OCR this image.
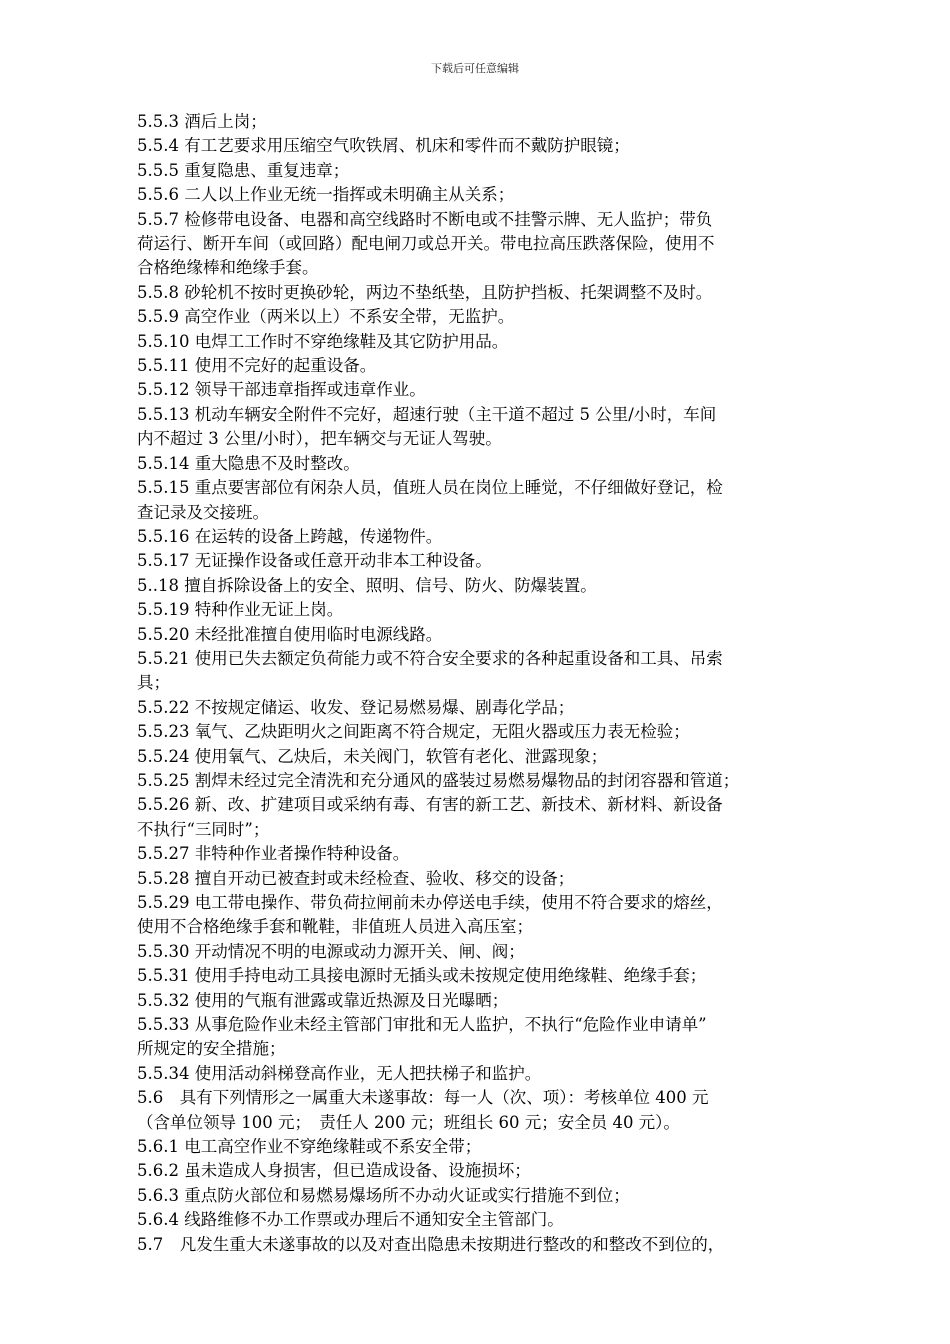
下载后可任意编辑

5.5.3 酒后上岗；

5.5.4 有工艺要求用压缩空气吹铁屑、机床和零件而不戴防护眼镜；

5.5.5 重复隐患、重复违章；

5.5.6 二人以上作业无统一指挥或未明确主从关系；

5.5.7 检修带电设备、电器和高空线路时不断电或不挂警示牌、无人监护；带负
荷运行、断开车间（或回路）配电闸刀或总开关。带电拉高压跌落保险，使用不
合格绝缘棒和绝缘手套。

5.5.8 砂轮机不按时更换砂轮，两边不垫纸垫，且防护挡板、托架调整不及时。

5.5.9 高空作业（两米以上）不系安全带，无监护。

5.5.10 电焊工工作时不穿绝缘鞋及其它防护用品。

5.5.11 使用不完好的起重设备。

5.5.12 领导干部违章指挥或违章作业。

5.5.13 机动车辆安全附件不完好，超速行驶（主干道不超过 5 公里/小时，车间
内不超过 3 公里/小时），把车辆交与无证人驾驶。

5.5.14 重大隐患不及时整改。

5.5.15 重点要害部位有闲杂人员，值班人员在岗位上睡觉，不仔细做好登记，检
查记录及交接班。

5.5.16 在运转的设备上跨越，传递物件。

5.5.17 无证操作设备或任意开动非本工种设备。

5..18 擅自拆除设备上的安全、照明、信号、防火、防爆装置。

5.5.19 特种作业无证上岗。

5.5.20 未经批准擅自使用临时电源线路。

5.5.21 使用已失去额定负荷能力或不符合安全要求的各种起重设备和工具、吊索
具；

5.5.22 不按规定储运、收发、登记易燃易爆、剧毒化学品；

5.5.23 氧气、乙炔距明火之间距离不符合规定，无阻火器或压力表无检验；

5.5.24 使用氧气、乙炔后，未关阀门，软管有老化、泄露现象；

5.5.25 割焊未经过完全清洗和充分通风的盛装过易燃易爆物品的封闭容器和管道；

5.5.26 新、改、扩建项目或采纳有毒、有害的新工艺、新技术、新材料、新设备
不执行“三同时”；

5.5.27 非特种作业者操作特种设备。

5.5.28 擅自开动已被查封或未经检查、验收、移交的设备；

5.5.29 电工带电操作、带负荷拉闸前未办停送电手续，使用不符合要求的熔丝，
使用不合格绝缘手套和靴鞋，非值班人员进入高压室；

5.5.30 开动情况不明的电源或动力源开关、闸、阀；

5.5.31 使用手持电动工具接电源时无插头或未按规定使用绝缘鞋、绝缘手套；

5.5.32 使用的气瓶有泄露或靠近热源及日光曝晒；

5.5.33 从事危险作业未经主管部门审批和无人监护，不执行“危险作业申请单”
所规定的安全措施；

5.5.34 使用活动斜梯登高作业，无人把扶梯子和监护。

5.6　具有下列情形之一属重大未遂事故：每一人（次、项）：考核单位 400 元
（含单位领导 100 元；　责任人 200 元；班组长 60 元；安全员 40 元）。

5.6.1 电工高空作业不穿绝缘鞋或不系安全带；

5.6.2 虽未造成人身损害，但已造成设备、设施损坏；

5.6.3 重点防火部位和易燃易爆场所不办动火证或实行措施不到位；

5.6.4 线路维修不办工作票或办理后不通知安全主管部门。

5.7　凡发生重大未遂事故的以及对查出隐患未按期进行整改的和整改不到位的，
